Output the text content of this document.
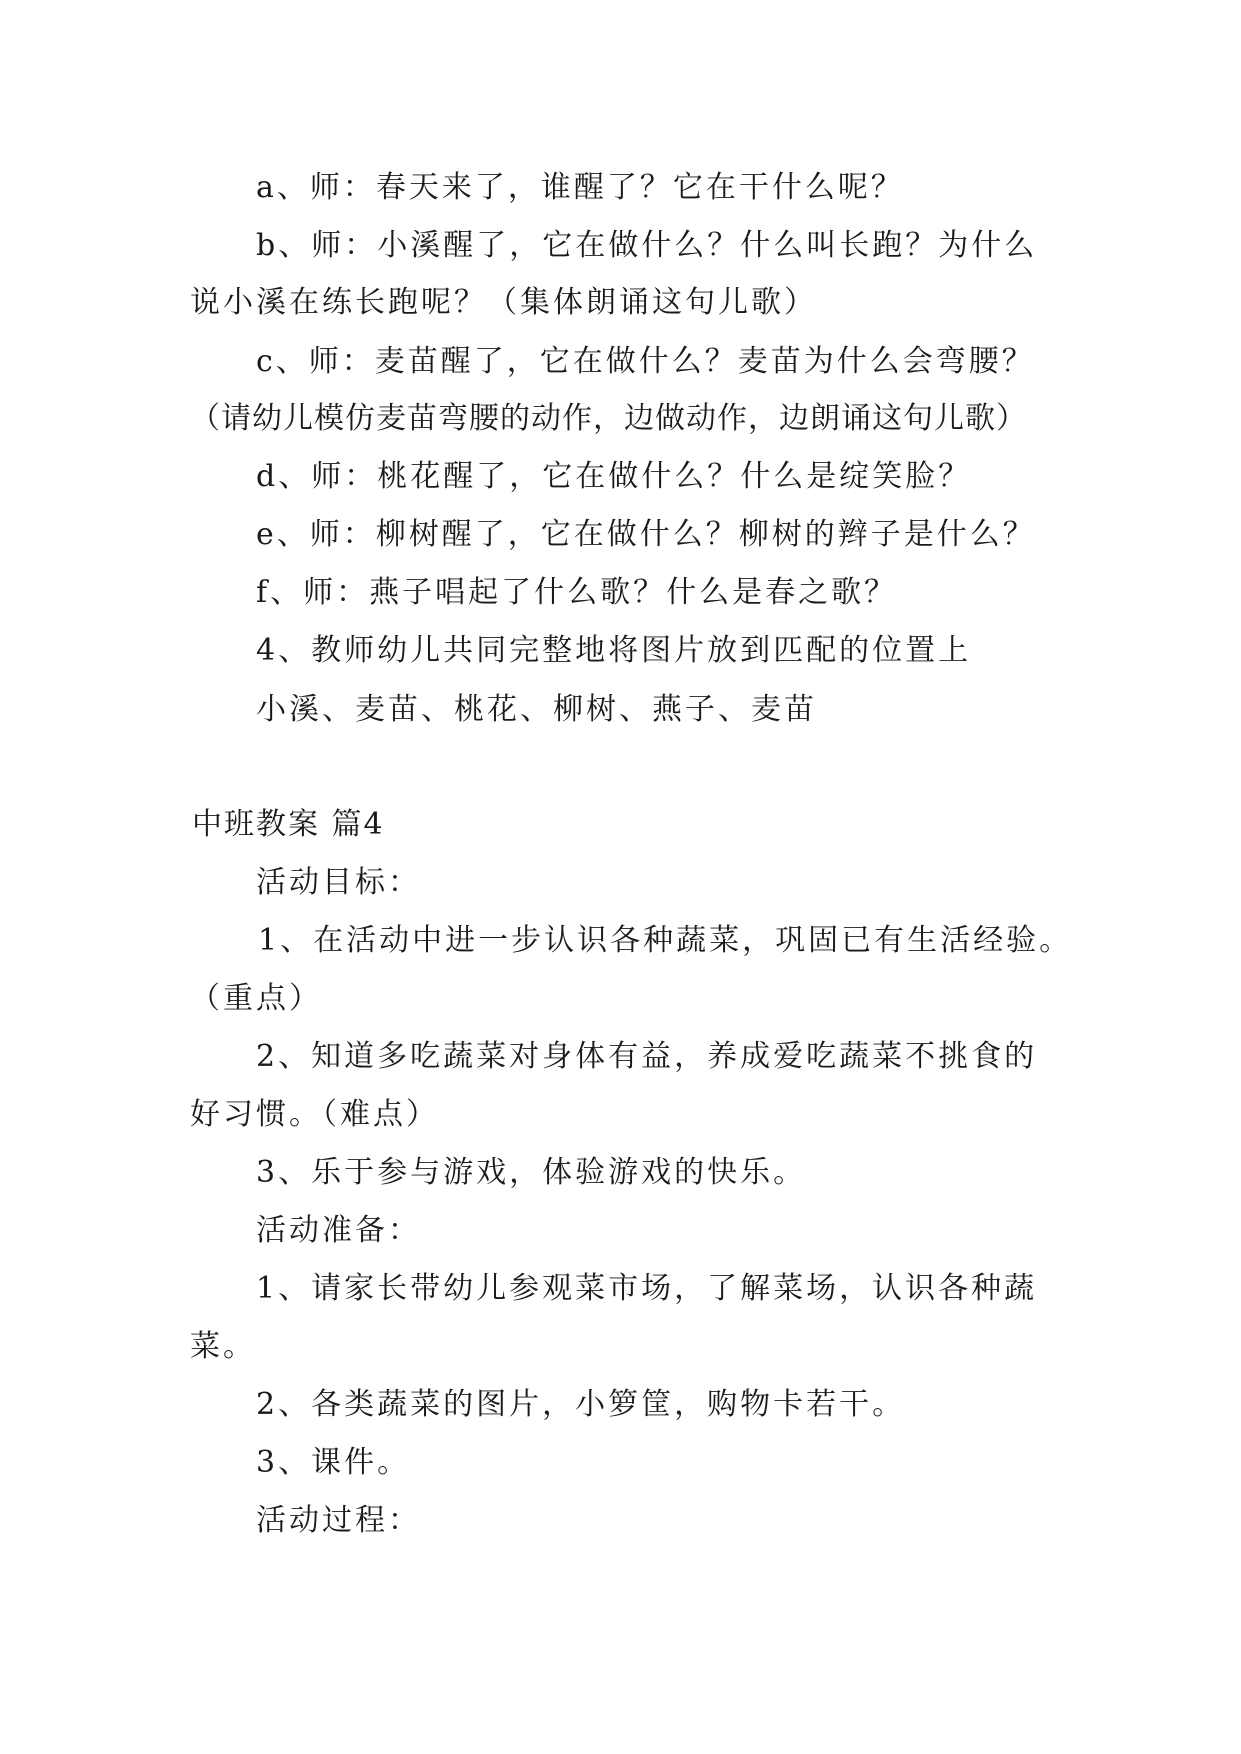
a、师：春天来了，谁醒了？它在干什么呢？
b、师：小溪醒了，它在做什么？什么叫长跑？为什么
说小溪在练长跑呢？（集体朗诵这句儿歌）
c、师：麦苗醒了，它在做什么？麦苗为什么会弯腰？
（请幼儿模仿麦苗弯腰的动作，边做动作，边朗诵这句儿歌）
d、师：桃花醒了，它在做什么？什么是绽笑脸？
e、师：柳树醒了，它在做什么？柳树的辫子是什么？
f、师：燕子唱起了什么歌？什么是春之歌？
4、教师幼儿共同完整地将图片放到匹配的位置上
小溪、麦苗、桃花、柳树、燕子、麦苗
中班教案 篇4
活动目标：
1、在活动中进一步认识各种蔬菜，巩固已有生活经验。
（重点）
2、知道多吃蔬菜对身体有益，养成爱吃蔬菜不挑食的
好习惯。（难点）
3、乐于参与游戏，体验游戏的快乐。
活动准备：
1、请家长带幼儿参观菜市场，了解菜场，认识各种蔬
菜。
2、各类蔬菜的图片，小箩筐，购物卡若干。
3、课件。
活动过程：
